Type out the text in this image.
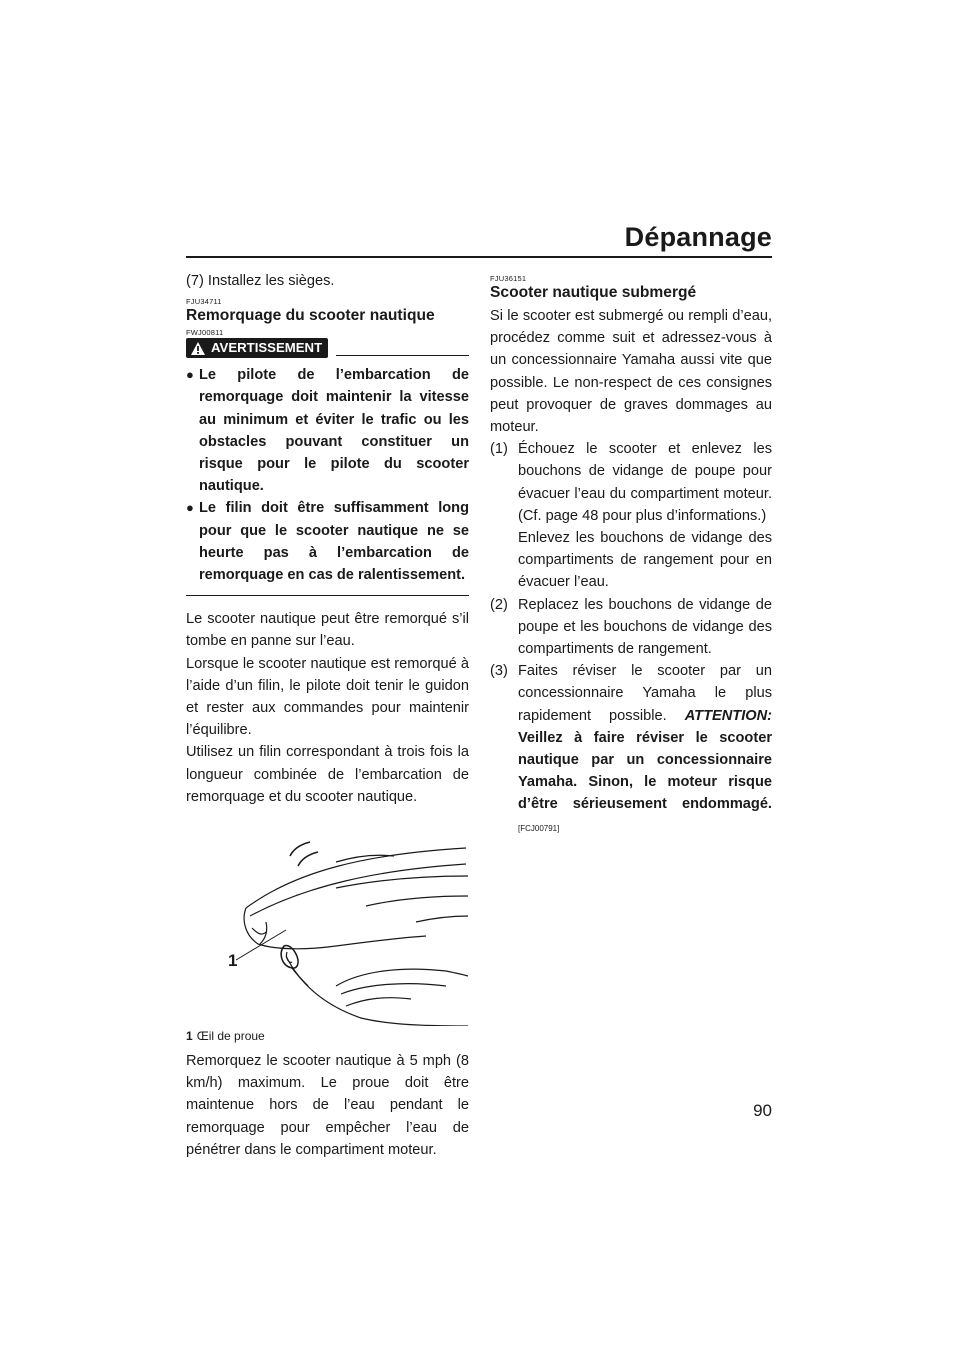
Dépannage

(7) Installez les sièges.

FJU34711
Remorquage du scooter nautique
FWJ00811
AVERTISSEMENT
● Le pilote de l’embarcation de remorquage doit maintenir la vitesse au minimum et éviter le trafic ou les obstacles pouvant constituer un risque pour le pilote du scooter nautique.
● Le filin doit être suffisamment long pour que le scooter nautique ne se heurte pas à l’embarcation de remorquage en cas de ralentissement.

Le scooter nautique peut être remorqué s’il tombe en panne sur l’eau.

Lorsque le scooter nautique est remorqué à l’aide d’un filin, le pilote doit tenir le guidon et rester aux commandes pour maintenir l’équilibre.

Utilisez un filin correspondant à trois fois la longueur combinée de l’embarcation de remorquage et du scooter nautique.

1
1 Œil de proue

Remorquez le scooter nautique à 5 mph (8 km/h) maximum. Le proue doit être maintenue hors de l’eau pendant le remorquage pour empêcher l’eau de pénétrer dans le compartiment moteur.

FJU36151
Scooter nautique submergé

Si le scooter est submergé ou rempli d’eau, procédez comme suit et adressez-vous à un concessionnaire Yamaha aussi vite que possible. Le non-respect de ces consignes peut provoquer de graves dommages au moteur.

(1) Échouez le scooter et enlevez les bouchons de vidange de poupe pour évacuer l’eau du compartiment moteur. (Cf. page 48 pour plus d’informations.)
Enlevez les bouchons de vidange des compartiments de rangement pour en évacuer l’eau.
(2) Replacez les bouchons de vidange de poupe et les bouchons de vidange des compartiments de rangement.
(3) Faites réviser le scooter par un concessionnaire Yamaha le plus rapidement possible. ATTENTION: Veillez à faire réviser le scooter nautique par un concessionnaire Yamaha. Sinon, le moteur risque d’être sérieusement endommagé. [FCJ00791]
90
